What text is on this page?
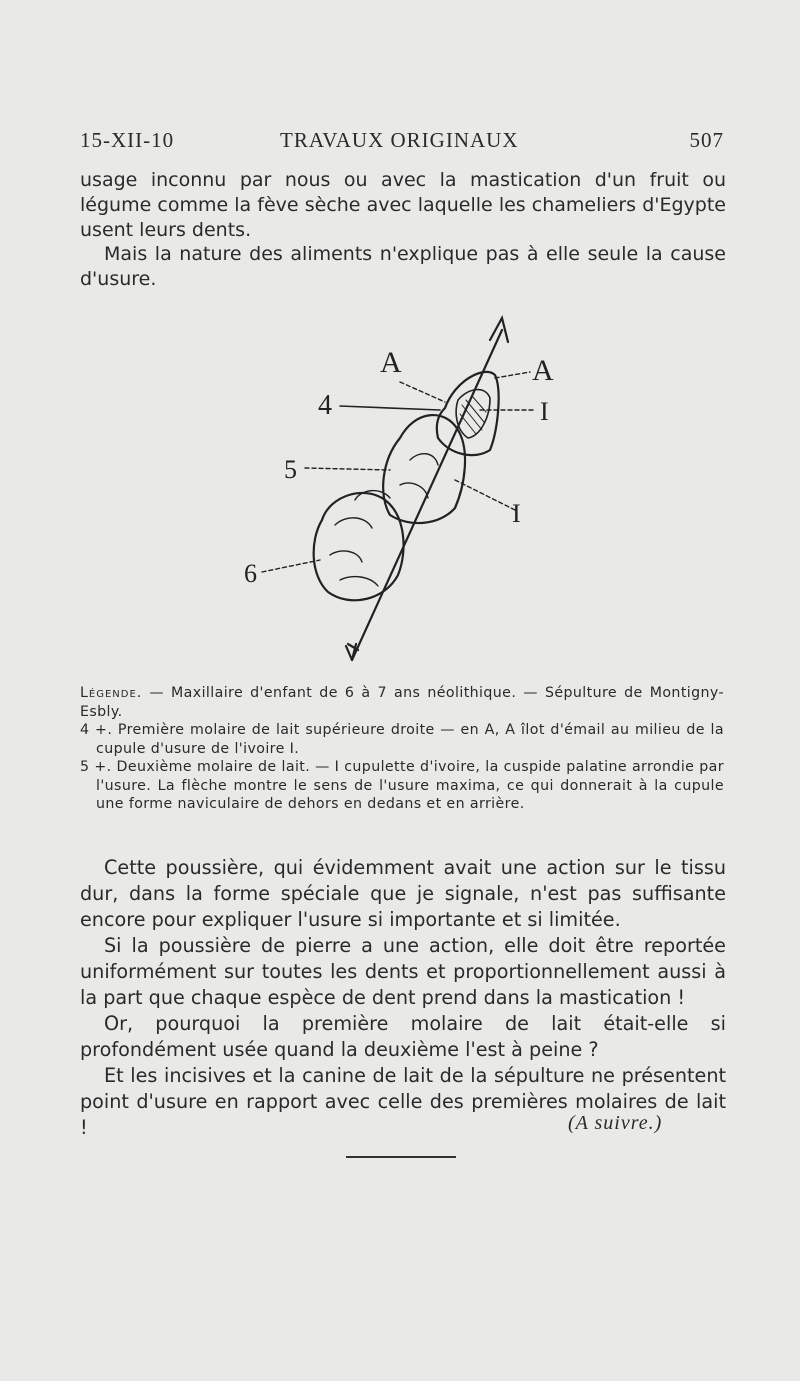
15-XII-10	TRAVAUX ORIGINAUX	507

usage inconnu par nous ou avec la mastication d'un fruit ou légume comme la fève sèche avec laquelle les chameliers d'Egypte usent leurs dents.

Mais la nature des aliments n'explique pas à elle seule la cause d'usure.

A	A
I
I
4
5
6

Légende. — Maxillaire d'enfant de 6 à 7 ans néolithique. — Sépulture de Montigny-Esbly.

4 +. Première molaire de lait supérieure droite — en A, A îlot d'émail au milieu de la cupule d'usure de l'ivoire I.

5 +. Deuxième molaire de lait. — I cupulette d'ivoire, la cuspide palatine arrondie par l'usure. La flèche montre le sens de l'usure maxima, ce qui donnerait à la cupule une forme naviculaire de dehors en dedans et en arrière.

Cette poussière, qui évidemment avait une action sur le tissu dur, dans la forme spéciale que je signale, n'est pas suffisante encore pour expliquer l'usure si importante et si limitée.

Si la poussière de pierre a une action, elle doit être reportée uniformément sur toutes les dents et proportionnellement aussi à la part que chaque espèce de dent prend dans la mastication !

Or, pourquoi la première molaire de lait était-elle si profondément usée quand la deuxième l'est à peine ?

Et les incisives et la canine de lait de la sépulture ne présentent point d'usure en rapport avec celle des premières molaires de lait !	(A suivre.)
